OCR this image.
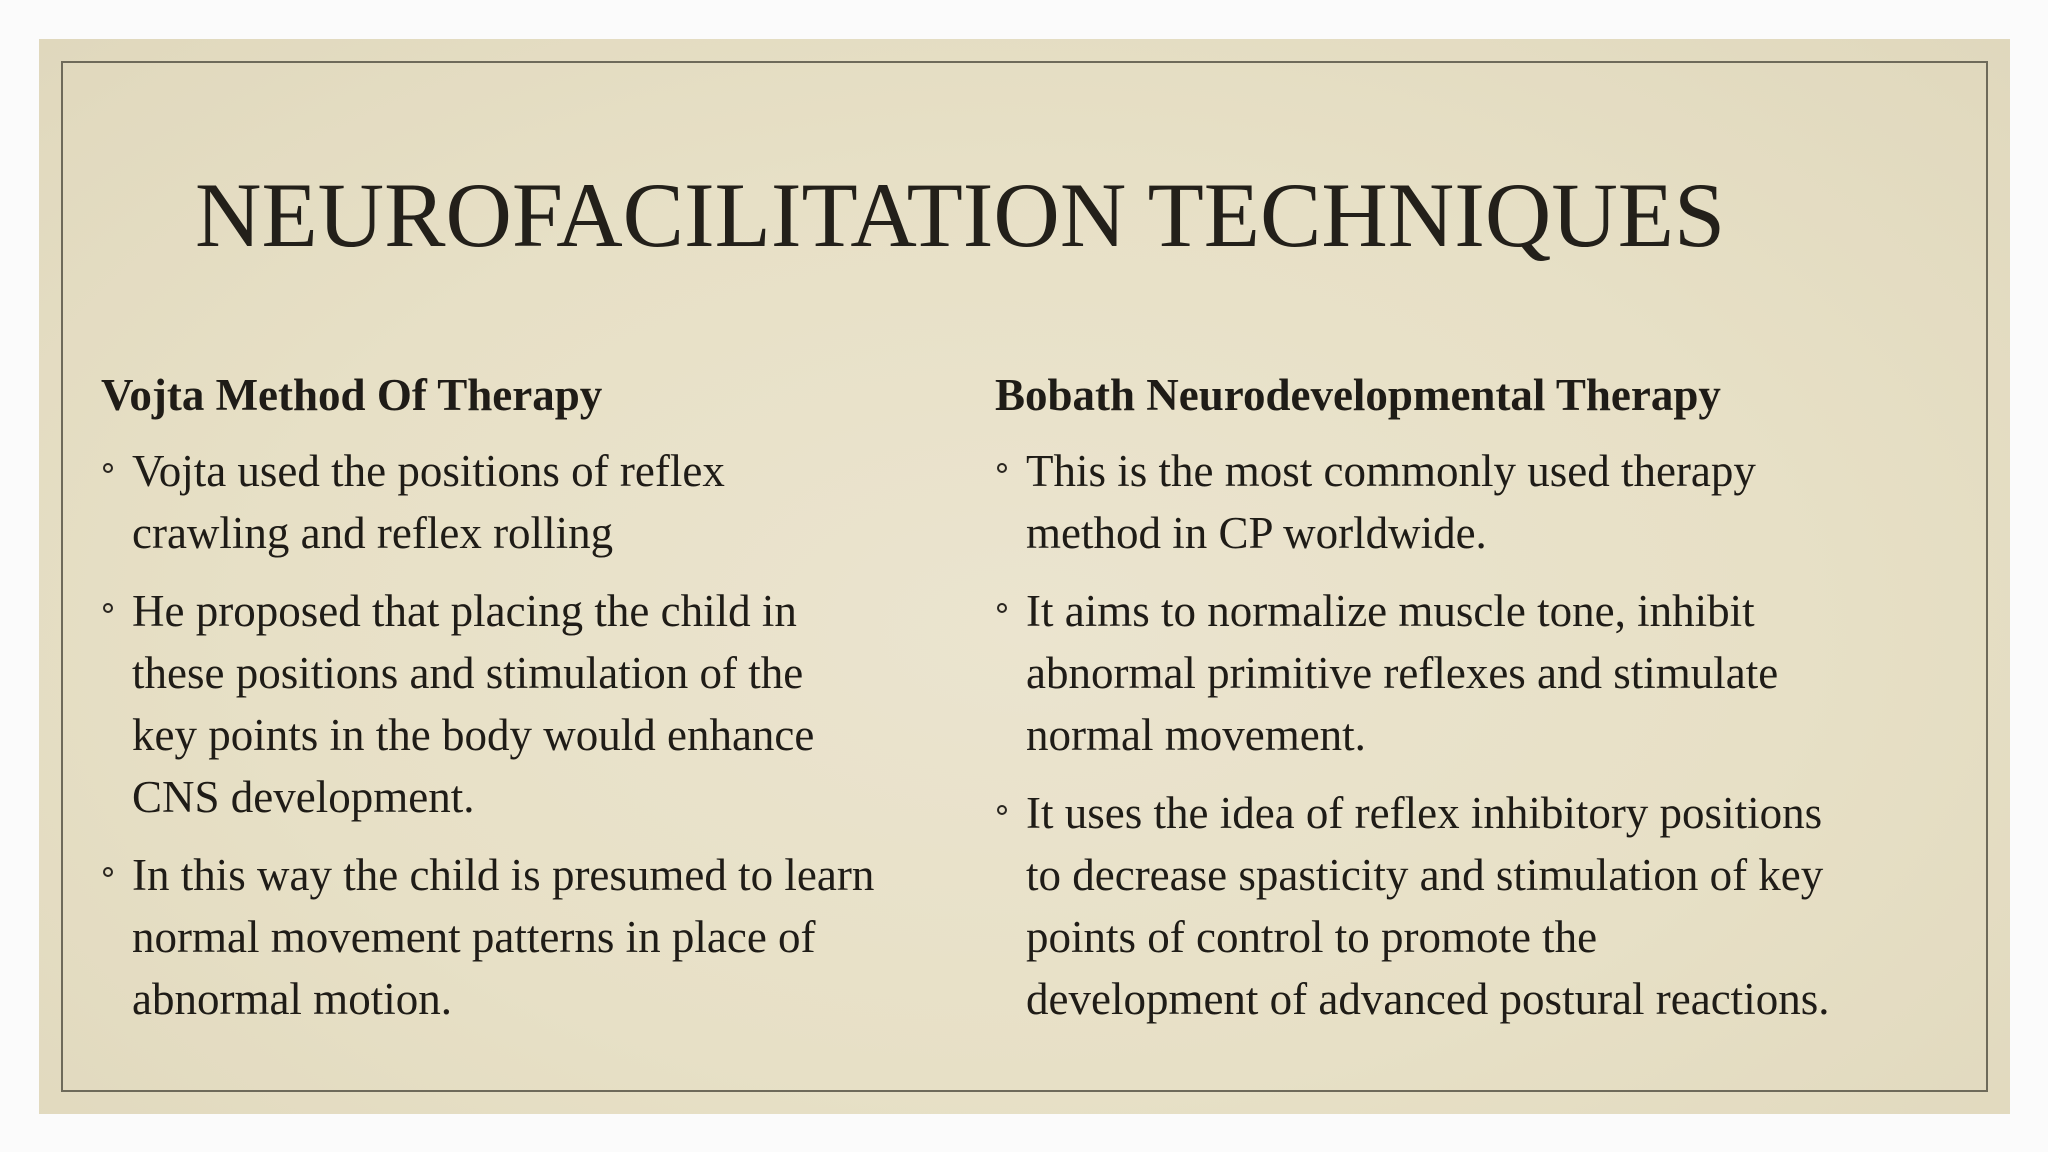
NEUROFACILITATION TECHNIQUES
Vojta Method Of Therapy
Vojta used the positions of reflex
crawling and reflex rolling
He proposed that placing the child in
these positions and stimulation of the
key points in the body would enhance
CNS development.
In this way the child is presumed to learn
normal movement patterns in place of
abnormal motion.
Bobath Neurodevelopmental Therapy
This is the most commonly used therapy
method in CP worldwide.
It aims to normalize muscle tone, inhibit
abnormal primitive reflexes and stimulate
normal movement.
It uses the idea of reflex inhibitory positions
to decrease spasticity and stimulation of key
points of control to promote the
development of advanced postural reactions.
